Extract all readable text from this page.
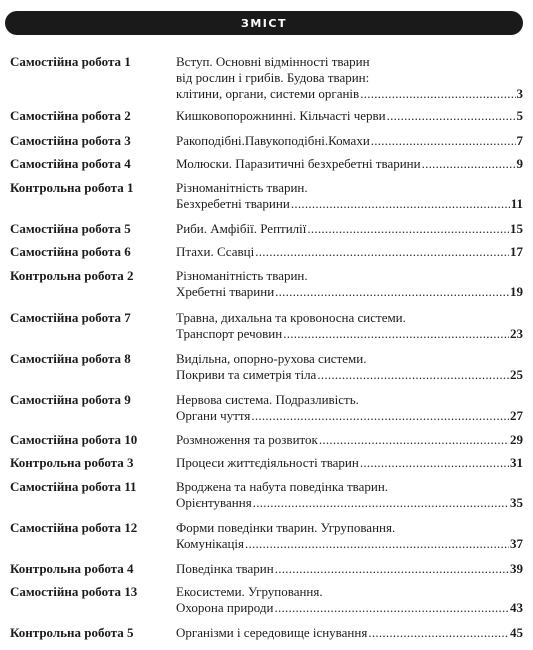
ЗМІСТ
Самостійна робота 1	Вступ. Основні відмінності тварин
від рослин і грибів. Будова тварин:
клітини, органи, системи органів . . .	3
Самостійна робота 2	Кишковопорожнинні. Кільчасті черви . . .	5
Самостійна робота 3	Ракоподібні.Павукоподібні.Комахи . . .	7
Самостійна робота 4	Молюски. Паразитичні безхребетні тварини . . .	9
Контрольна робота 1	Різноманітність тварин.
Безхребетні тварини . . .	11
Самостійна робота 5	Риби. Амфібії. Рептилії . . .	15
Самостійна робота 6	Птахи. Ссавці . . .	17
Контрольна робота 2	Різноманітність тварин.
Хребетні тварини . . .	19
Самостійна робота 7	Травна, дихальна та кровоносна системи.
Транспорт речовин . . .	23
Самостійна робота 8	Видільна, опорно-рухова системи.
Покриви та симетрія тіла . . .	25
Самостійна робота 9	Нервова система. Подразливість.
Органи чуття . . .	27
Самостійна робота 10	Розмноження та розвиток . . .	29
Контрольна робота 3	Процеси життєдіяльності тварин . . .	31
Самостійна робота 11	Вроджена та набута поведінка тварин.
Орієнтування . . .	35
Самостійна робота 12	Форми поведінки тварин. Угруповання.
Комунікація . . .	37
Контрольна робота 4	Поведінка тварин . . .	39
Самостійна робота 13	Екосистеми. Угруповання.
Охорона природи . . .	43
Контрольна робота 5	Організми і середовище існування . . .	45
